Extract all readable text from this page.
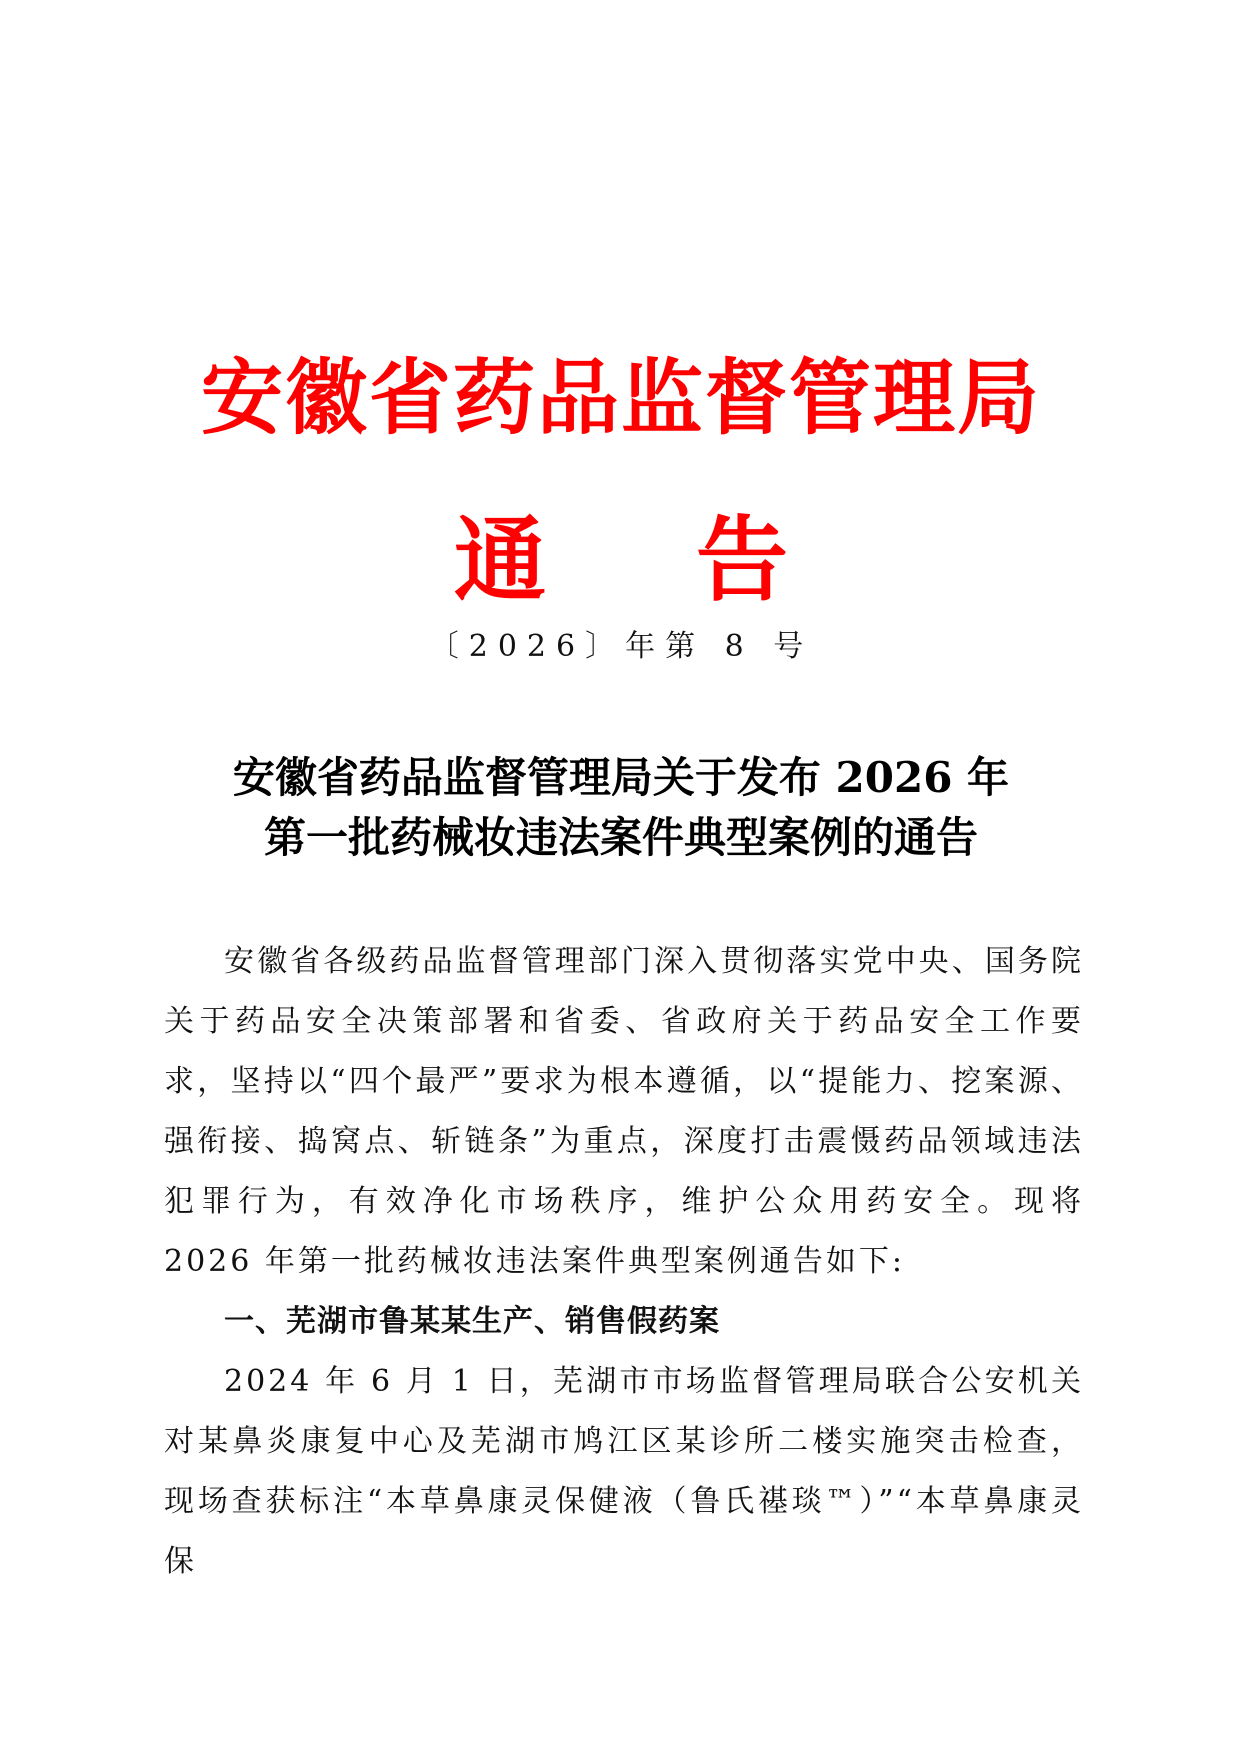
安徽省药品监督管理局
通 告
〔2026〕年第 8 号
安徽省药品监督管理局关于发布 2026 年
第一批药械妆违法案件典型案例的通告

安徽省各级药品监督管理部门深入贯彻落实党中央、国务院关于药品安全决策部署和省委、省政府关于药品安全工作要求，坚持以“四个最严”要求为根本遵循，以“提能力、挖案源、强衔接、捣窝点、斩链条”为重点，深度打击震慑药品领域违法犯罪行为，有效净化市场秩序，维护公众用药安全。现将 2026 年第一批药械妆违法案件典型案例通告如下:

一、芜湖市鲁某某生产、销售假药案

2024 年 6 月 1 日，芜湖市市场监督管理局联合公安机关对某鼻炎康复中心及芜湖市鸠江区某诊所二楼实施突击检查，现场查获标注“本草鼻康灵保健液（鲁氏禥琰™）”“本草鼻康灵保
